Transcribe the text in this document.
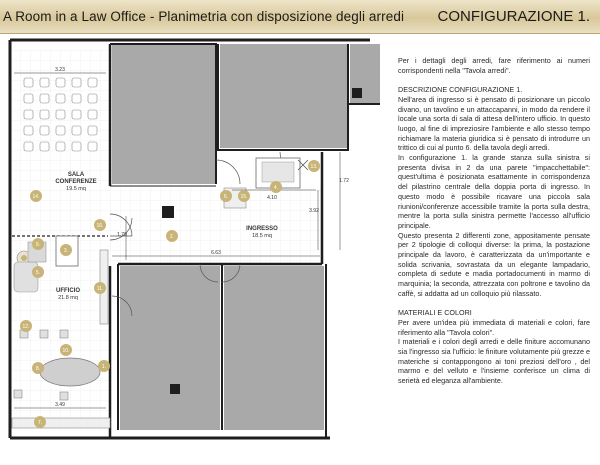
A Room in a Law Office - Planimetria con disposizione degli arredi CONFIGURAZIONE 1.
3.23
3.49
6.63
1.79
3.92
4.10
1.72
SALA
CONFERENZE
19.5 mq
INGRESSO
18.5 mq
UFFICIO
21.8 mq
1.
2.
3.
4.
5.
6.
7.
8.
9.
10.
11.
12.
13.
14.	15.
16.

Per i dettagli degli arredi, fare riferimento ai numeri corrispondenti nella "Tavola arredi".

DESCRIZIONE CONFIGURAZIONE 1.

Nell'area di ingresso si è pensato di posizionare un piccolo divano, un tavolino e un attaccapanni, in modo da rendere il locale una sorta di sala di attesa dell'intero ufficio. In questo luogo, al fine di impreziosire l'ambiente e allo stesso tempo richiamare la materia giuridica si è pensato di introdurre un trittico di cui al punto 6. della tavola degli arredi.

In configurazione 1. la grande stanza sulla sinistra si presenta divisa in 2 da una parete "impacchettabile": quest'ultima è posizionata esattamente in corrispondenza del pilastrino centrale della doppia porta di ingresso. In questo modo è possibile ricavare una piccola sala riunioni/conferenze accessibile tramite la porta sulla destra, mentre la porta sulla sinistra permette l'accesso all'ufficio principale.

Questo presenta 2 differenti zone, appositamente pensate per 2 tipologie di colloqui diverse: la prima, la postazione principale da lavoro, è caratterizzata da un'importante e solida scrivania, sovrastata da un elegante lampadario, completa di sedute e madia portadocumenti in marmo di marquinia; la seconda, attrezzata con poltrone e tavolino da caffè, si addatta ad un colloquio più rilassato.

MATERIALI E COLORI

Per avere un'idea più immediata di materiali e colori, fare riferimento alla "Tavola colori".

I materiali e i colori degli arredi e delle finiture accomunano sia l'ingresso sia l'ufficio: le finiture volutamente più grezze e materiche si contappongono ai toni preziosi dell'oro , del marmo e del velluto e l'insieme conferisce un clima di serietà ed eleganza all'ambiente.
